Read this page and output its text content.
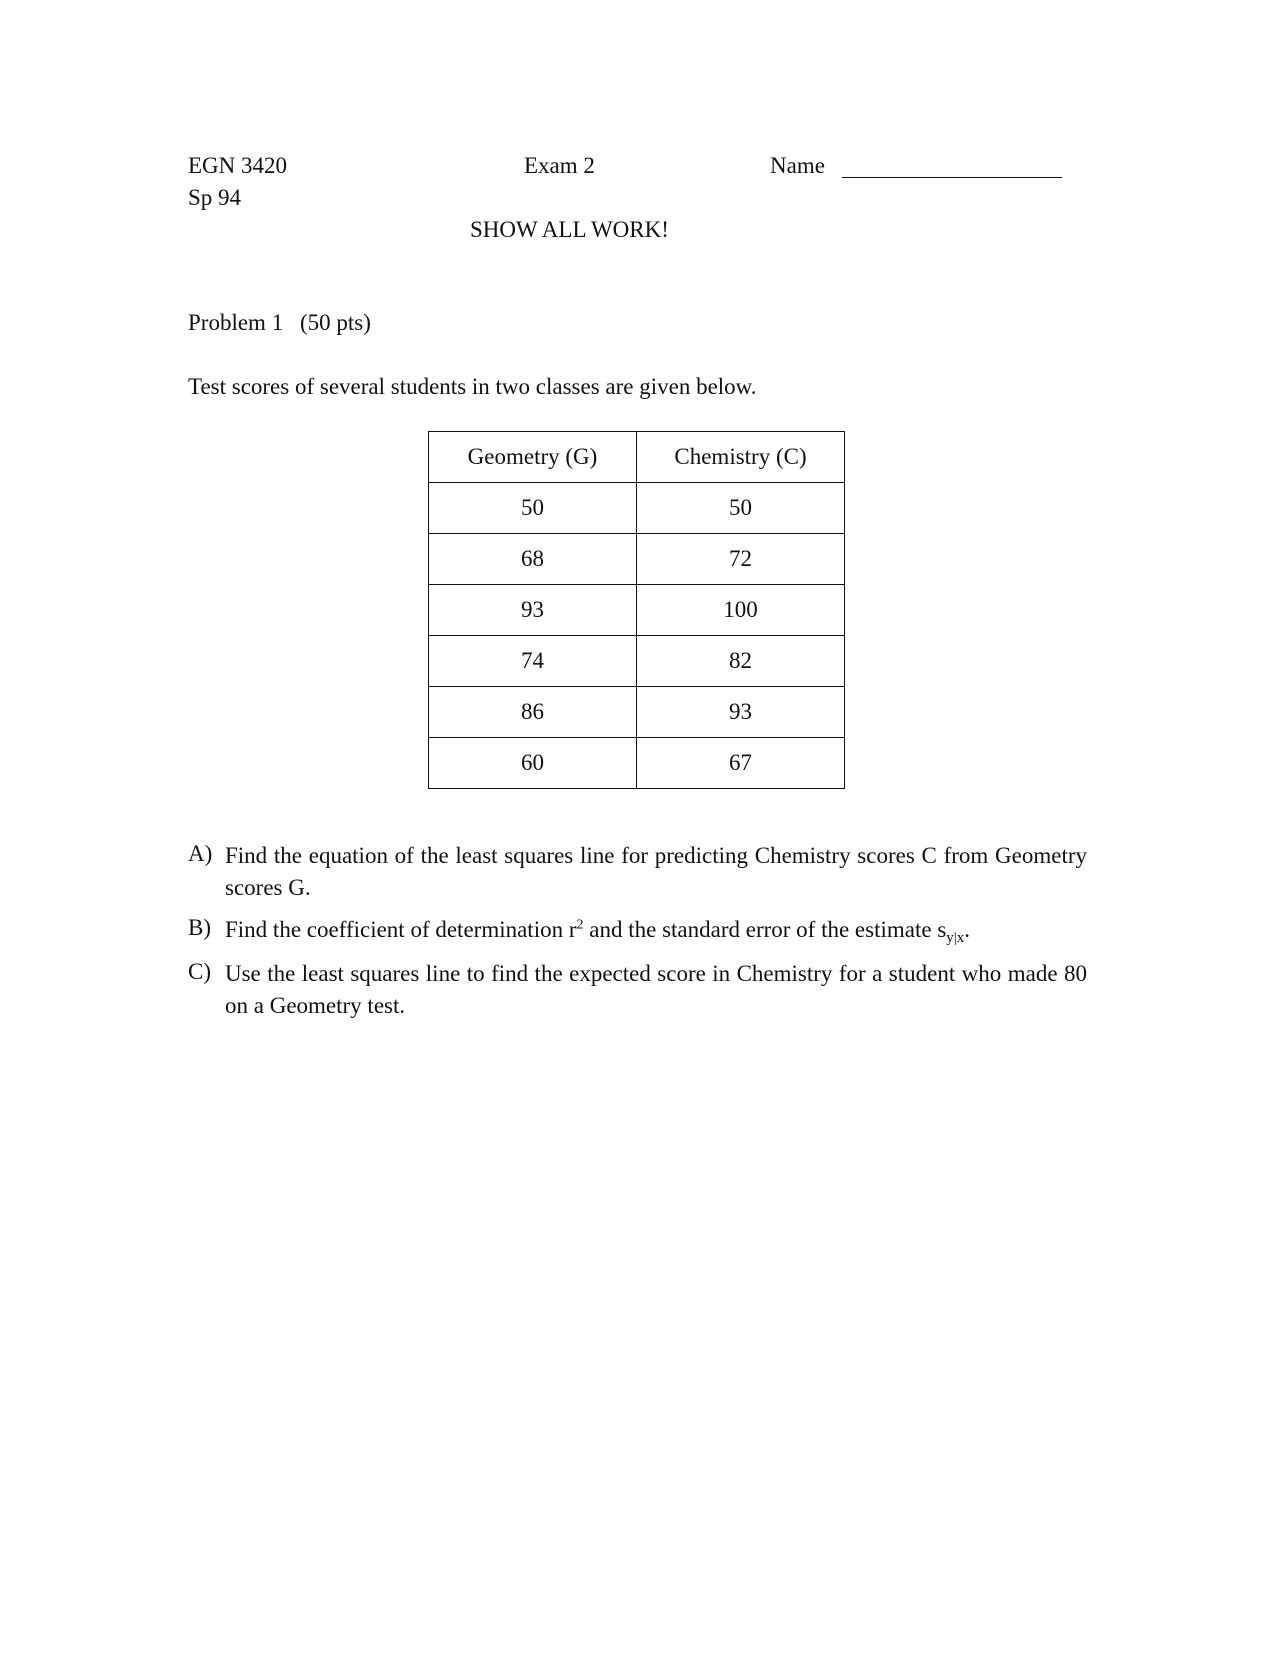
EGN 3420
Sp 94
Exam 2	Name
SHOW ALL WORK!
Problem 1 (50 pts)
Test scores of several students in two classes are given below.
Geometry (G)	Chemistry (C)
50	50
68	72
93	100
74	82
86	93
60	67
A) Find the equation of the least squares line for predicting Chemistry scores C from Geometry scores G.
B) Find the coefficient of determination $r^2$ and the standard error of the estimate $s_{y|x}$.
C) Use the least squares line to find the expected score in Chemistry for a student who made 80 on a Geometry test.
